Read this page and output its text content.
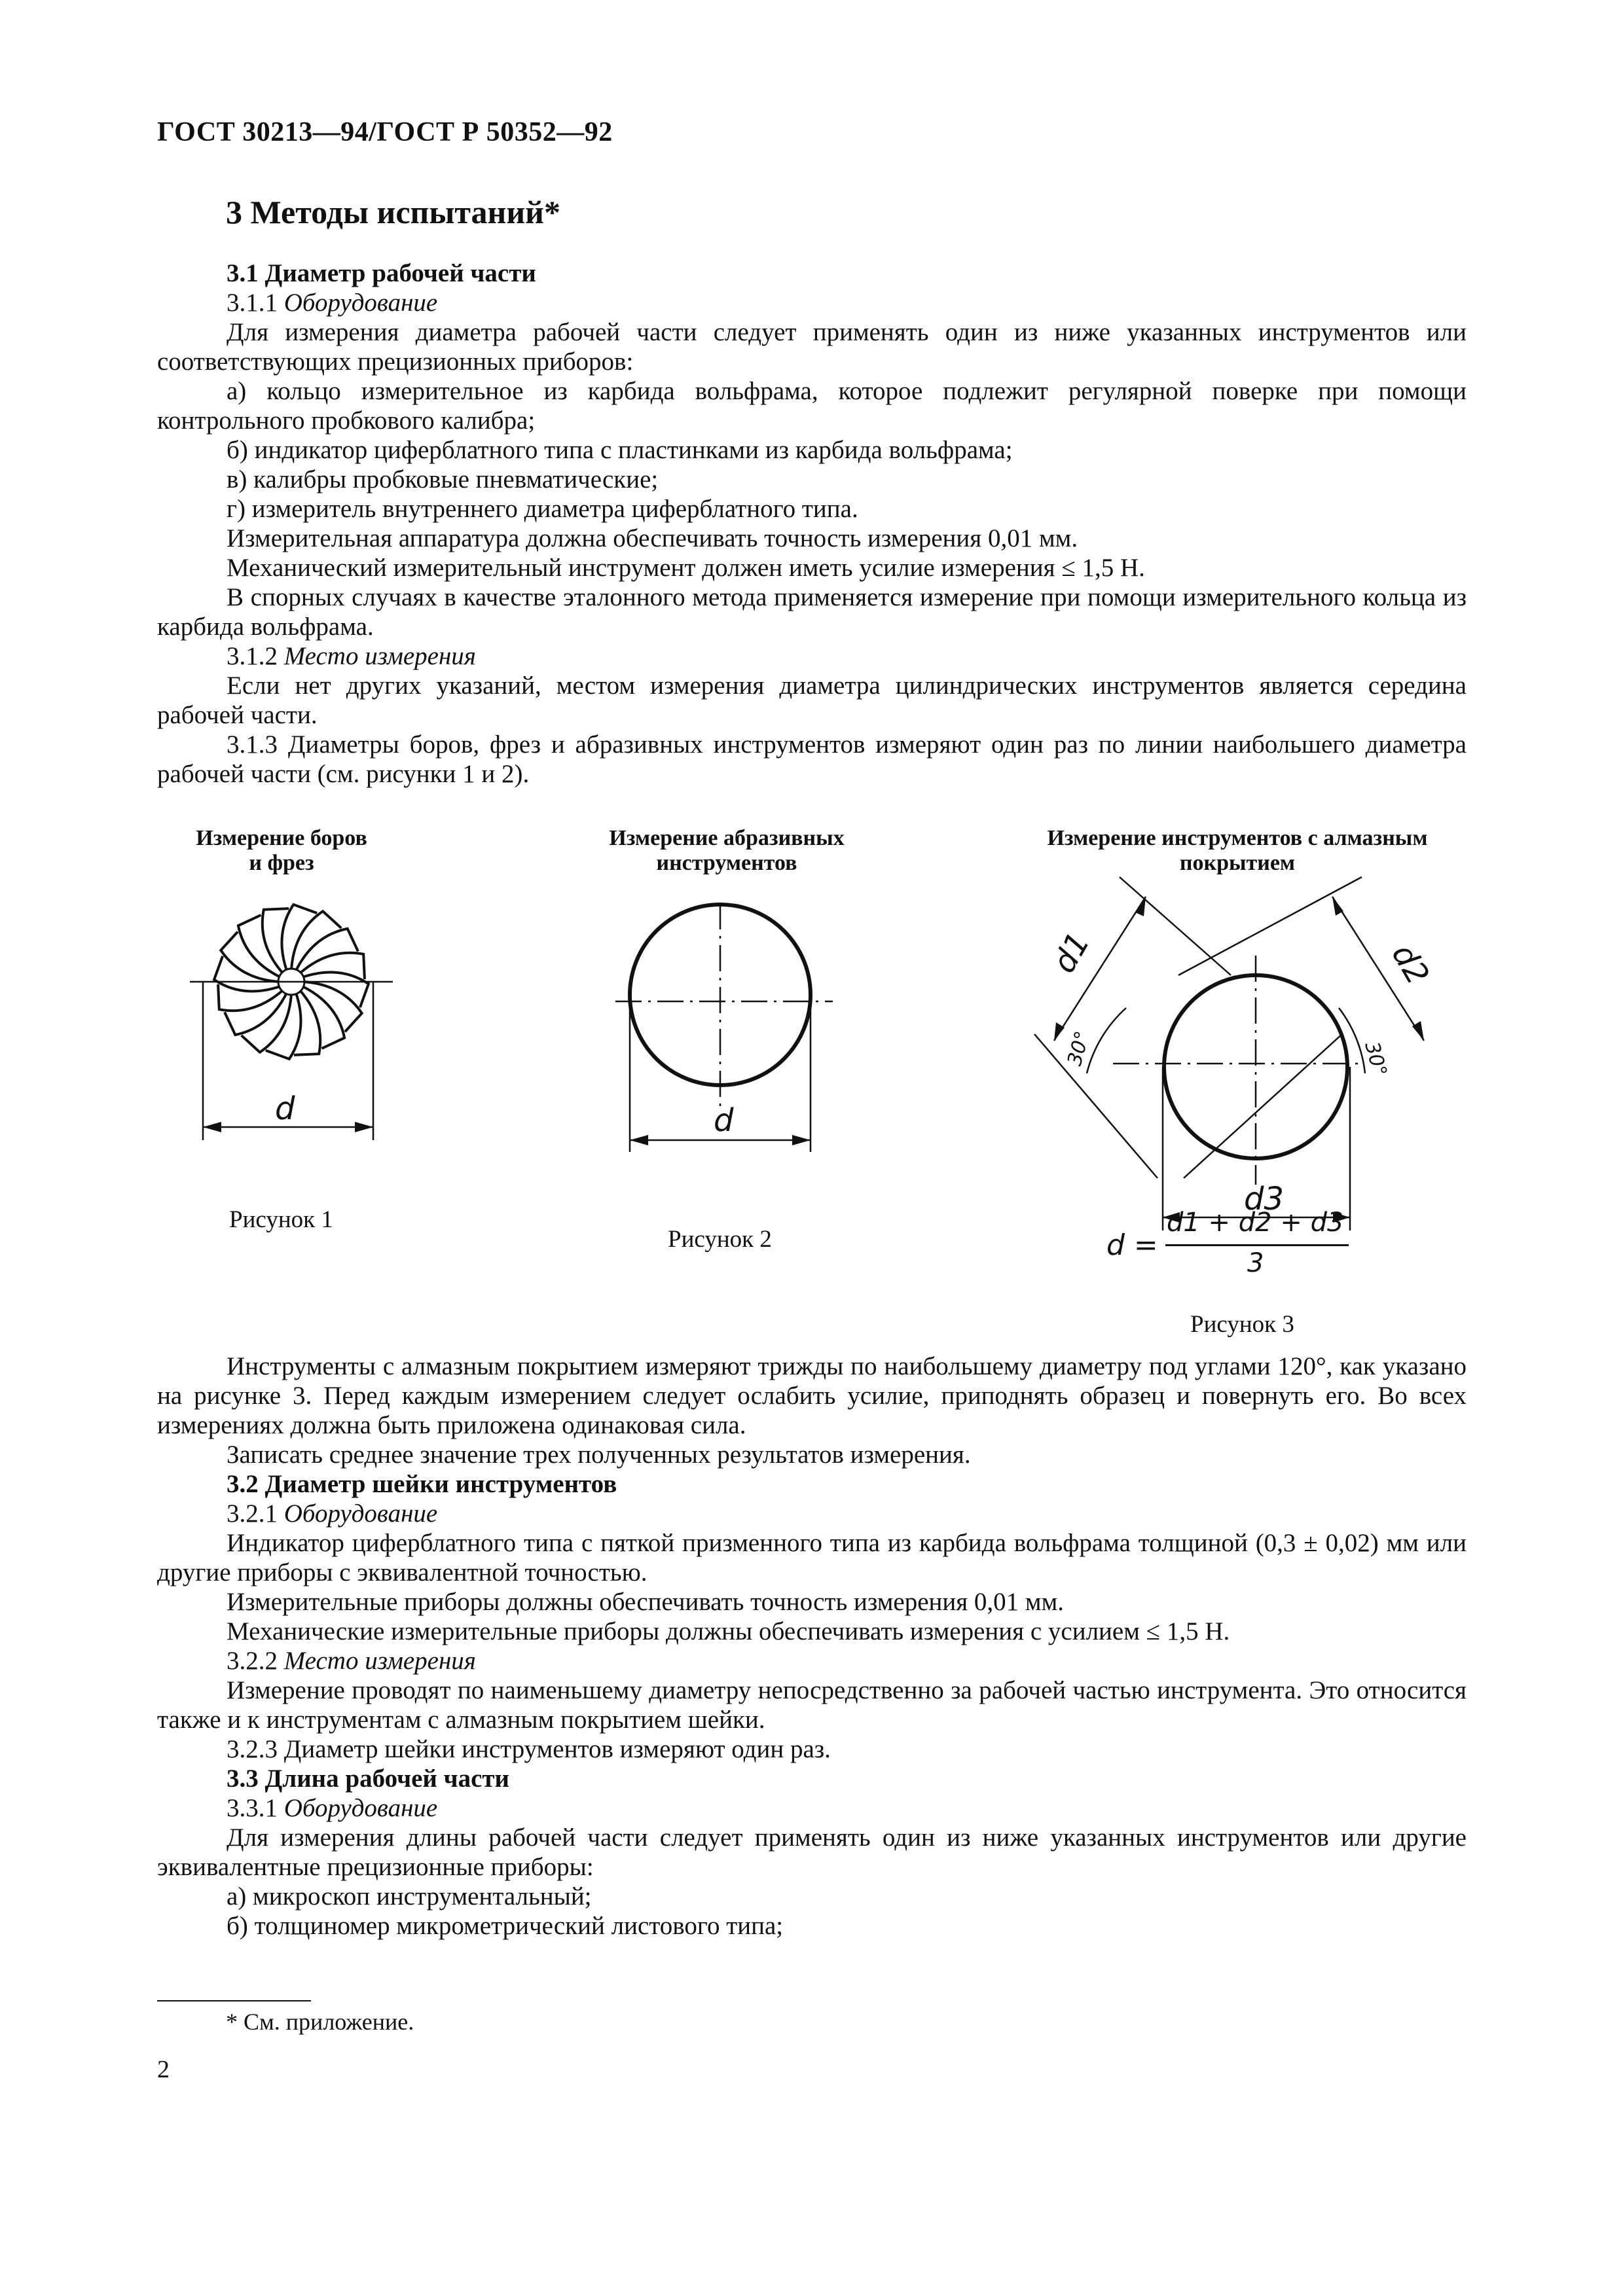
ГОСТ 30213—94/ГОСТ Р 50352—92
3 Методы испытаний*

3.1 Диаметр рабочей части

3.1.1 Оборудование

Для измерения диаметра рабочей части следует применять один из ниже указанных инструментов или соответствующих прецизионных приборов:

а) кольцо измерительное из карбида вольфрама, которое подлежит регулярной поверке при помощи контрольного пробкового калибра;

б) индикатор циферблатного типа с пластинками из карбида вольфрама;

в) калибры пробковые пневматические;

г) измеритель внутреннего диаметра циферблатного типа.

Измерительная аппаратура должна обеспечивать точность измерения 0,01 мм.

Механический измерительный инструмент должен иметь усилие измерения ≤ 1,5 Н.

В спорных случаях в качестве эталонного метода применяется измерение при помощи измерительного кольца из карбида вольфрама.

3.1.2 Место измерения

Если нет других указаний, местом измерения диаметра цилиндрических инструментов является середина рабочей части.

3.1.3 Диаметры боров, фрез и абразивных инструментов измеряют один раз по линии наибольшего диаметра рабочей части (см. рисунки 1 и 2).

Измерение боров
и фрез
Измерение абразивных
инструментов
Измерение инструментов с алмазным
покрытием
d
Рисунок 1
d
Рисунок 2
d1	d2
30°	30°
d3
d =
d1 + d2 + d3
3
Рисунок 3

Инструменты с алмазным покрытием измеряют трижды по наибольшему диаметру под углами 120°, как указано на рисунке 3. Перед каждым измерением следует ослабить усилие, приподнять образец и повернуть его. Во всех измерениях должна быть приложена одинаковая сила.

Записать среднее значение трех полученных результатов измерения.

3.2 Диаметр шейки инструментов

3.2.1 Оборудование

Индикатор циферблатного типа с пяткой призменного типа из карбида вольфрама толщиной (0,3 ± 0,02) мм или другие приборы с эквивалентной точностью.

Измерительные приборы должны обеспечивать точность измерения 0,01 мм.

Механические измерительные приборы должны обеспечивать измерения с усилием ≤ 1,5 Н.

3.2.2 Место измерения

Измерение проводят по наименьшему диаметру непосредственно за рабочей частью инструмента. Это относится также и к инструментам с алмазным покрытием шейки.

3.2.3 Диаметр шейки инструментов измеряют один раз.

3.3 Длина рабочей части

3.3.1 Оборудование

Для измерения длины рабочей части следует применять один из ниже указанных инструментов или другие эквивалентные прецизионные приборы:

а) микроскоп инструментальный;

б) толщиномер микрометрический листового типа;

* См. приложение.
2
